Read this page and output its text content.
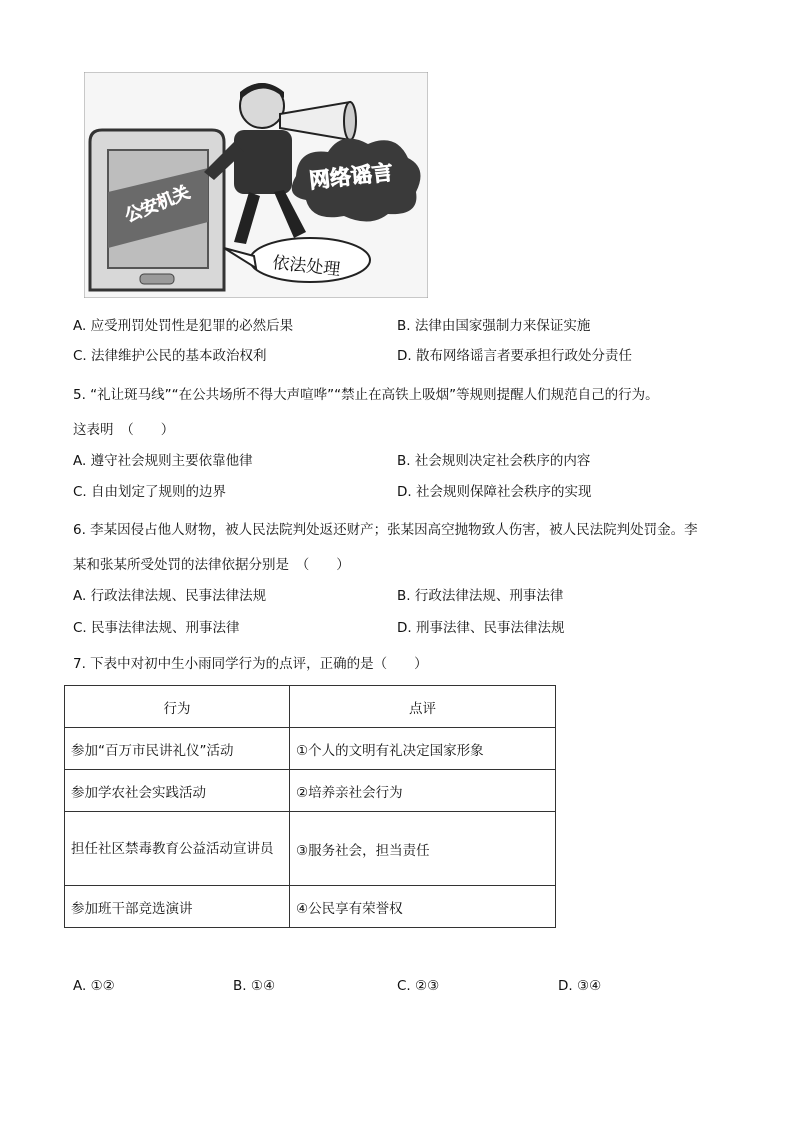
公安机关
网络谣言
依法处理
A. 应受刑罚处罚性是犯罪的必然后果	B. 法律由国家强制力来保证实施
C. 法律维护公民的基本政治权利	D. 散布网络谣言者要承担行政处分责任
5. “礼让斑马线”“在公共场所不得大声喧哗”“禁止在高铁上吸烟”等规则提醒人们规范自己的行为。
这表明　（　　）
A. 遵守社会规则主要依靠他律	B. 社会规则决定社会秩序的内容
C. 自由划定了规则的边界	D. 社会规则保障社会秩序的实现
6. 李某因侵占他人财物，被人民法院判处返还财产；张某因高空抛物致人伤害，被人民法院判处罚金。李
某和张某所受处罚的法律依据分别是　（　　）
A. 行政法律法规、民事法律法规	B. 行政法律法规、刑事法律
C. 民事法律法规、刑事法律	D. 刑事法律、民事法律法规
7. 下表中对初中生小雨同学行为的点评，正确的是（　　）
行为	点评
参加“百万市民讲礼仪”活动	①个人的文明有礼决定国家形象
参加学农社会实践活动	②培养亲社会行为
担任社区禁毒教育公益活动宣讲员	③服务社会，担当责任
参加班干部竞选演讲	④公民享有荣誉权
A. ①②	B. ①④	C. ②③	D. ③④
